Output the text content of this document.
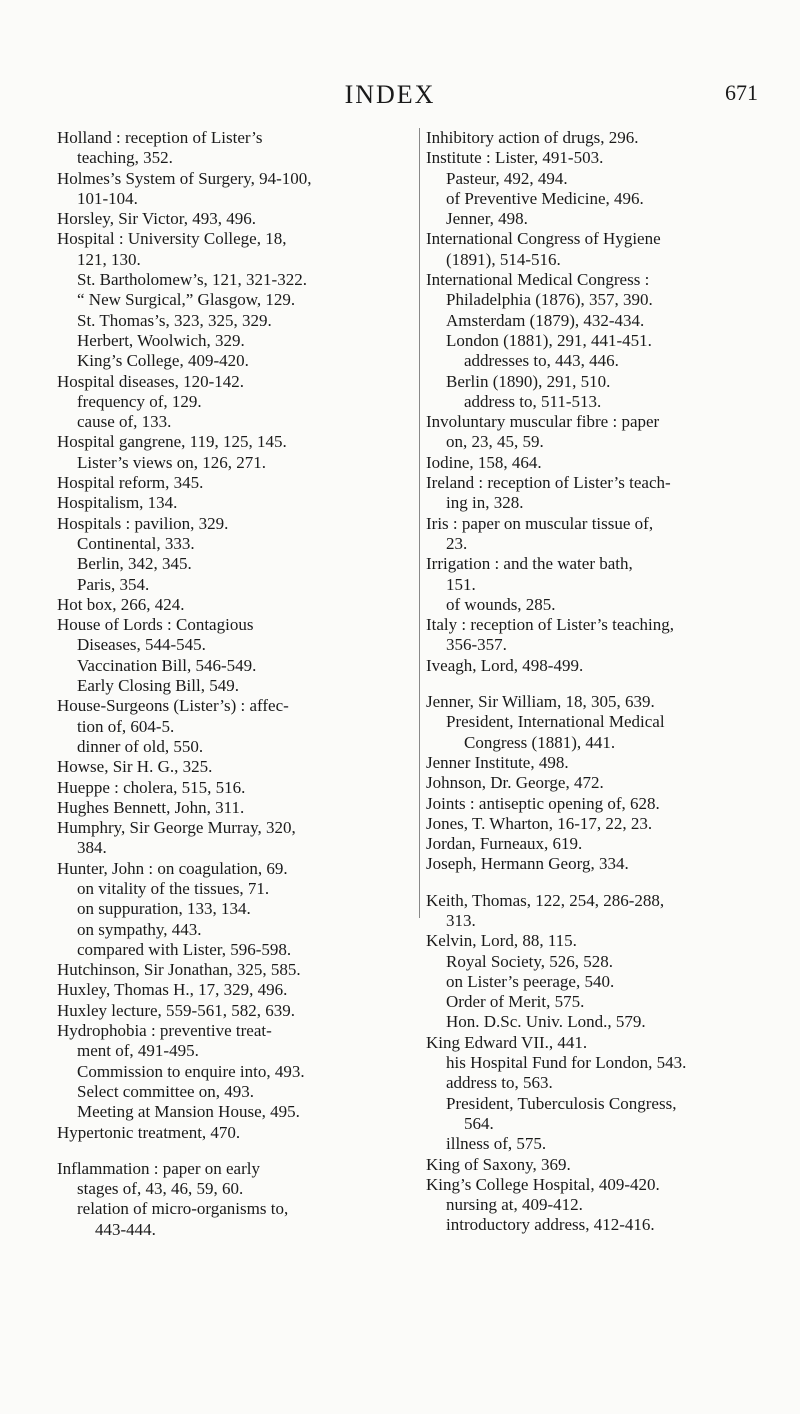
INDEX	671
Holland : reception of Lister’s
teaching, 352.
Holmes’s System of Surgery, 94-100,
101-104.
Horsley, Sir Victor, 493, 496.
Hospital : University College, 18,
121, 130.
St. Bartholomew’s, 121, 321-322.
“ New Surgical,” Glasgow, 129.
St. Thomas’s, 323, 325, 329.
Herbert, Woolwich, 329.
King’s College, 409-420.
Hospital diseases, 120-142.
frequency of, 129.
cause of, 133.
Hospital gangrene, 119, 125, 145.
Lister’s views on, 126, 271.
Hospital reform, 345.
Hospitalism, 134.
Hospitals : pavilion, 329.
Continental, 333.
Berlin, 342, 345.
Paris, 354.
Hot box, 266, 424.
House of Lords : Contagious
Diseases, 544-545.
Vaccination Bill, 546-549.
Early Closing Bill, 549.
House-Surgeons (Lister’s) : affec-
tion of, 604-5.
dinner of old, 550.
Howse, Sir H. G., 325.
Hueppe : cholera, 515, 516.
Hughes Bennett, John, 311.
Humphry, Sir George Murray, 320,
384.
Hunter, John : on coagulation, 69.
on vitality of the tissues, 71.
on suppuration, 133, 134.
on sympathy, 443.
compared with Lister, 596-598.
Hutchinson, Sir Jonathan, 325, 585.
Huxley, Thomas H., 17, 329, 496.
Huxley lecture, 559-561, 582, 639.
Hydrophobia : preventive treat-
ment of, 491-495.
Commission to enquire into, 493.
Select committee on, 493.
Meeting at Mansion House, 495.
Hypertonic treatment, 470.
Inflammation : paper on early
stages of, 43, 46, 59, 60.
relation of micro-organisms to,
443-444.
Inhibitory action of drugs, 296.
Institute : Lister, 491-503.
Pasteur, 492, 494.
of Preventive Medicine, 496.
Jenner, 498.
International Congress of Hygiene
(1891), 514-516.
International Medical Congress :
Philadelphia (1876), 357, 390.
Amsterdam (1879), 432-434.
London (1881), 291, 441-451.
addresses to, 443, 446.
Berlin (1890), 291, 510.
address to, 511-513.
Involuntary muscular fibre : paper
on, 23, 45, 59.
Iodine, 158, 464.
Ireland : reception of Lister’s teach-
ing in, 328.
Iris : paper on muscular tissue of,
23.
Irrigation : and the water bath,
151.
of wounds, 285.
Italy : reception of Lister’s teaching,
356-357.
Iveagh, Lord, 498-499.
Jenner, Sir William, 18, 305, 639.
President, International Medical
Congress (1881), 441.
Jenner Institute, 498.
Johnson, Dr. George, 472.
Joints : antiseptic opening of, 628.
Jones, T. Wharton, 16-17, 22, 23.
Jordan, Furneaux, 619.
Joseph, Hermann Georg, 334.
Keith, Thomas, 122, 254, 286-288,
313.
Kelvin, Lord, 88, 115.
Royal Society, 526, 528.
on Lister’s peerage, 540.
Order of Merit, 575.
Hon. D.Sc. Univ. Lond., 579.
King Edward VII., 441.
his Hospital Fund for London, 543.
address to, 563.
President, Tuberculosis Congress,
564.
illness of, 575.
King of Saxony, 369.
King’s College Hospital, 409-420.
nursing at, 409-412.
introductory address, 412-416.
